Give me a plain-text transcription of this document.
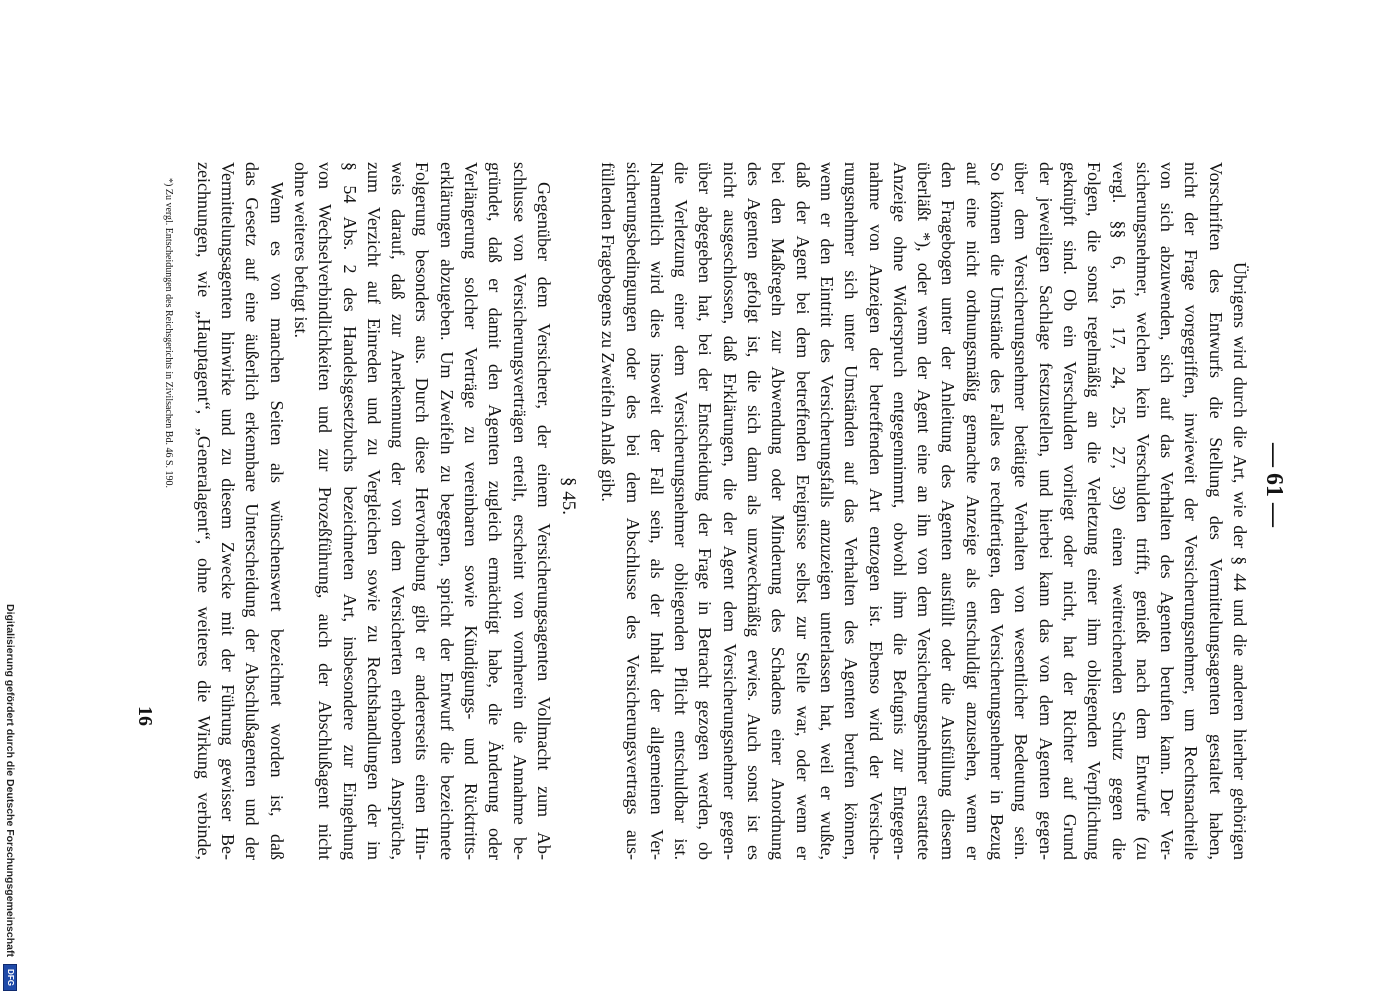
— 61 —
Übrigens wird durch die Art, wie der § 44 und die anderen hierher gehörigen
Vorschriften des Entwurfs die Stellung des Vermittelungsagenten gestaltet haben,
nicht der Frage vorgegriffen, inwieweit der Versicherungsnehmer, um Rechtsnachteile
von sich abzuwenden, sich auf das Verhalten des Agenten berufen kann. Der Ver-
sicherungsnehmer, welchen kein Verschulden trifft, genießt nach dem Entwurfe (zu
vergl. §§ 6, 16, 17, 24, 25, 27, 39) einen weitreichenden Schutz gegen die
Folgen, die sonst regelmäßig an die Verletzung einer ihm obliegenden Verpflichtung
geknüpft sind. Ob ein Verschulden vorliegt oder nicht, hat der Richter auf Grund
der jeweiligen Sachlage festzustellen, und hierbei kann das von dem Agenten gegen-
über dem Versicherungsnehmer betätigte Verhalten von wesentlicher Bedeutung sein.
So können die Umstände des Falles es rechtfertigen, den Versicherungsnehmer in Bezug
auf eine nicht ordnungsmäßig gemachte Anzeige als entschuldigt anzusehen, wenn er
den Fragebogen unter der Anleitung des Agenten ausfüllt oder die Ausfüllung diesem
überläßt *), oder wenn der Agent eine an ihn von dem Versicherungsnehmer erstattete
Anzeige ohne Widerspruch entgegennimmt, obwohl ihm die Befugnis zur Entgegen-
nahme von Anzeigen der betreffenden Art entzogen ist. Ebenso wird der Versiche-
rungsnehmer sich unter Umständen auf das Verhalten des Agenten berufen können,
wenn er den Eintritt des Versicherungsfalls anzuzeigen unterlassen hat, weil er wußte,
daß der Agent bei dem betreffenden Ereignisse selbst zur Stelle war, oder wenn er
bei den Maßregeln zur Abwendung oder Minderung des Schadens einer Anordnung
des Agenten gefolgt ist, die sich dann als unzweckmäßig erwies. Auch sonst ist es
nicht ausgeschlossen, daß Erklärungen, die der Agent dem Versicherungsnehmer gegen-
über abgegeben hat, bei der Entscheidung der Frage in Betracht gezogen werden, ob
die Verletzung einer dem Versicherungsnehmer obliegenden Pflicht entschuldbar ist.
Namentlich wird dies insoweit der Fall sein, als der Inhalt der allgemeinen Ver-
sicherungsbedingungen oder des bei dem Abschlusse des Versicherungsvertrags aus-
füllenden Fragebogens zu Zweifeln Anlaß gibt.
§ 45.
Gegenüber dem Versicherer, der einem Versicherungsagenten Vollmacht zum Ab-
schlusse von Versicherungsverträgen erteilt, erscheint von vornherein die Annahme be-
gründet, daß er damit den Agenten zugleich ermächtigt habe, die Änderung oder
Verlängerung solcher Verträge zu vereinbaren sowie Kündigungs- und Rücktritts-
erklärungen abzugeben. Um Zweifeln zu begegnen, spricht der Entwurf die bezeichnete
Folgerung besonders aus. Durch diese Hervorhebung gibt er andererseits einen Hin-
weis darauf, daß zur Anerkennung der von dem Versicherten erhobenen Ansprüche,
zum Verzicht auf Einreden und zu Vergleichen sowie zu Rechtshandlungen der im
§ 54 Abs. 2 des Handelsgesetzbuchs bezeichneten Art, insbesondere zur Eingehung
von Wechselverbindlichkeiten und zur Prozeßführung, auch der Abschlußagent nicht
ohne weiteres befugt ist.
Wenn es von manchen Seiten als wünschenswert bezeichnet worden ist, daß
das Gesetz auf eine äußerlich erkennbare Unterscheidung der Abschlußagenten und der
Vermittelungsagenten hinwirke und zu diesem Zwecke mit der Führung gewisser Be-
zeichnungen, wie „Hauptagent“, „Generalagent“, ohne weiteres die Wirkung verbinde,
*) Zu vergl. Entscheidungen des Reichsgerichts in Zivilsachen Bd. 46 S. 190.
16
Digitalisierung gefördert durch die Deutsche Forschungsgemeinschaft
DFG
